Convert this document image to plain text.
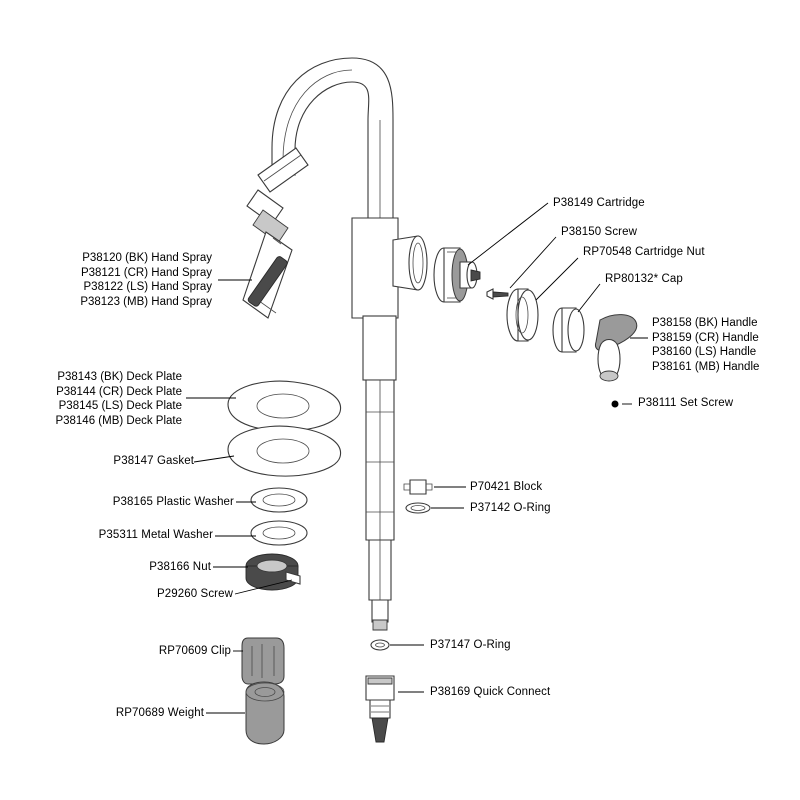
P38120 (BK) Hand Spray
P38121 (CR) Hand Spray
P38122 (LS) Hand Spray
P38123 (MB) Hand Spray
P38143 (BK) Deck Plate
P38144 (CR) Deck Plate
P38145 (LS) Deck Plate
P38146 (MB) Deck Plate
P38158 (BK) Handle
P38159 (CR) Handle
P38160 (LS) Handle
P38161 (MB) Handle
P38149 Cartridge
P38150 Screw
RP70548 Cartridge Nut
RP80132* Cap
P38111 Set Screw
P38147 Gasket
P38165 Plastic Washer
P35311 Metal Washer
P38166 Nut
P29260 Screw
P70421 Block
P37142 O-Ring
P37147 O-Ring
RP70609 Clip
RP70689 Weight
P38169 Quick Connect
